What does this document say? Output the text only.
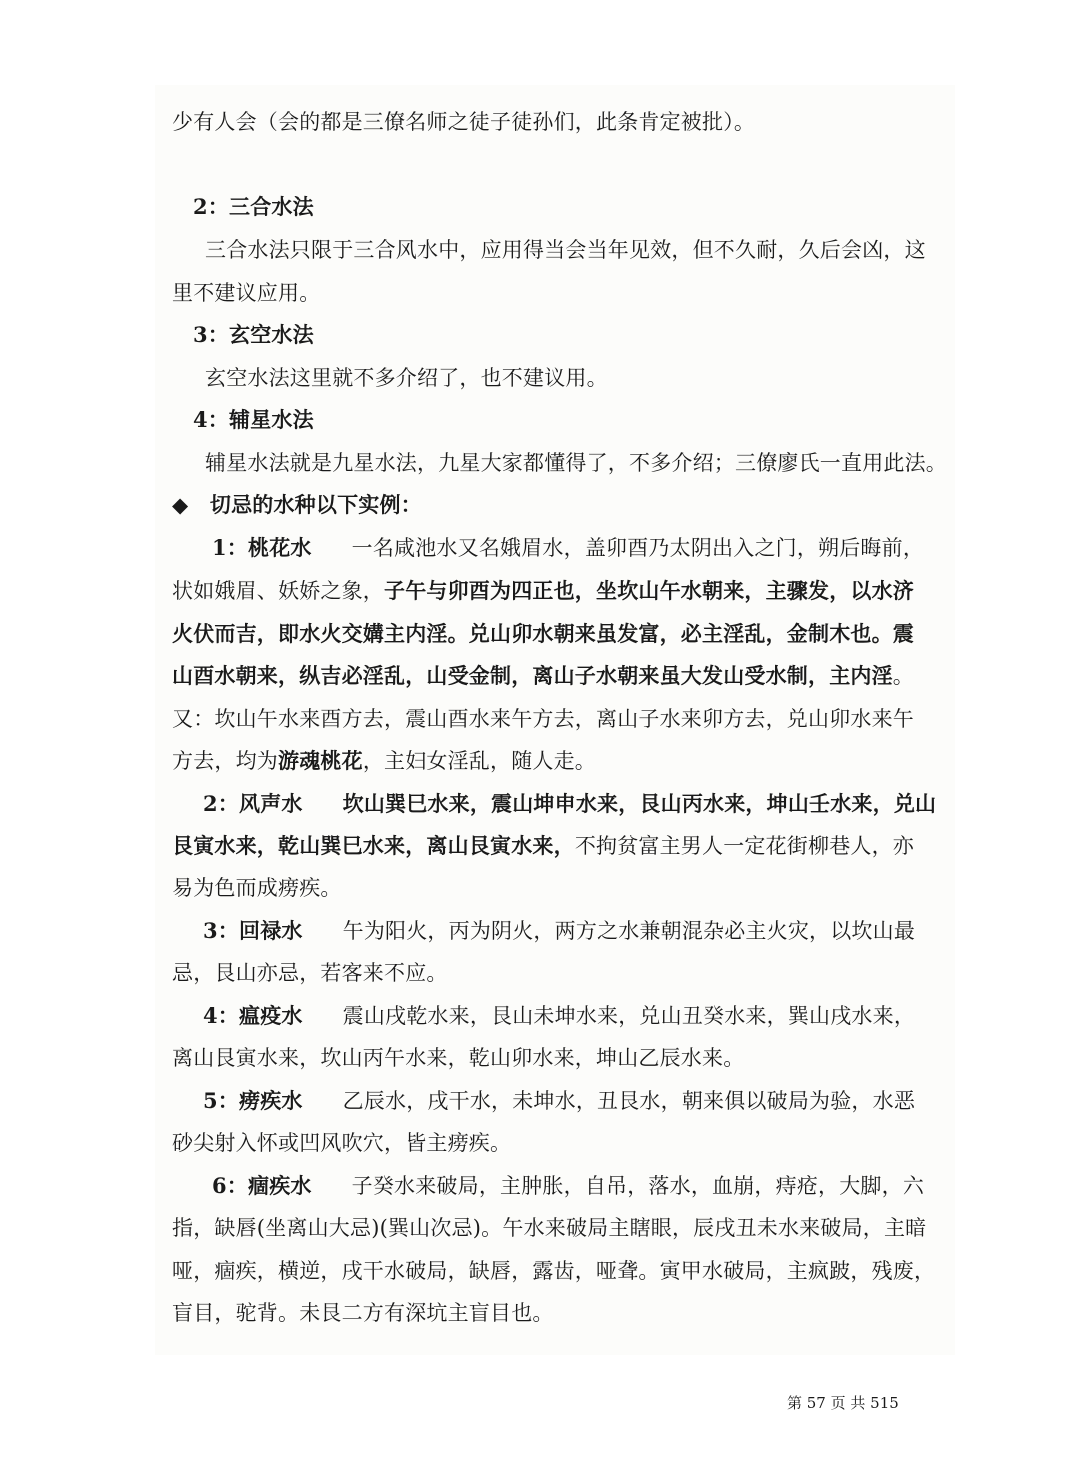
少有人会（会的都是三僚名师之徒子徒孙们，此条肯定被批）。
2：三合水法
三合水法只限于三合风水中，应用得当会当年见效，但不久耐，久后会凶，这
里不建议应用。
3：玄空水法
玄空水法这里就不多介绍了，也不建议用。
4：辅星水法
辅星水法就是九星水法，九星大家都懂得了，不多介绍；三僚廖氏一直用此法。
◆ 切忌的水种以下实例：
1：桃花水 一名咸池水又名娥眉水，盖卯酉乃太阴出入之门，朔后晦前，
状如娥眉、妖娇之象，子午与卯酉为四正也，坐坎山午水朝来，主骤发，以水济
火伏而吉，即水火交媾主内淫。兑山卯水朝来虽发富，必主淫乱，金制木也。震
山酉水朝来，纵吉必淫乱，山受金制，离山子水朝来虽大发山受水制，主内淫。
又：坎山午水来酉方去，震山酉水来午方去，离山子水来卯方去，兑山卯水来午
方去，均为游魂桃花，主妇女淫乱，随人走。
2：风声水 坎山巽巳水来，震山坤申水来，艮山丙水来，坤山壬水来，兑山
艮寅水来，乾山巽巳水来，离山艮寅水来，不拘贫富主男人一定花街柳巷人，亦
易为色而成痨疾。
3：回禄水 午为阳火，丙为阴火，两方之水兼朝混杂必主火灾，以坎山最
忌，艮山亦忌，若客来不应。
4：瘟疫水 震山戌乾水来，艮山未坤水来，兑山丑癸水来，巽山戌水来，
离山艮寅水来，坎山丙午水来，乾山卯水来，坤山乙辰水来。
5：痨疾水 乙辰水，戌干水，未坤水，丑艮水，朝来俱以破局为验，水恶
砂尖射入怀或凹风吹穴，皆主痨疾。
6：痼疾水 子癸水来破局，主肿胀，自吊，落水，血崩，痔疮，大脚，六
指，缺唇(坐离山大忌)(巽山次忌)。午水来破局主瞎眼，辰戌丑未水来破局，主暗
哑，痼疾，横逆，戌干水破局，缺唇，露齿，哑聋。寅甲水破局，主疯跛，残废，
盲目，驼背。未艮二方有深坑主盲目也。
第 57 页 共 515
